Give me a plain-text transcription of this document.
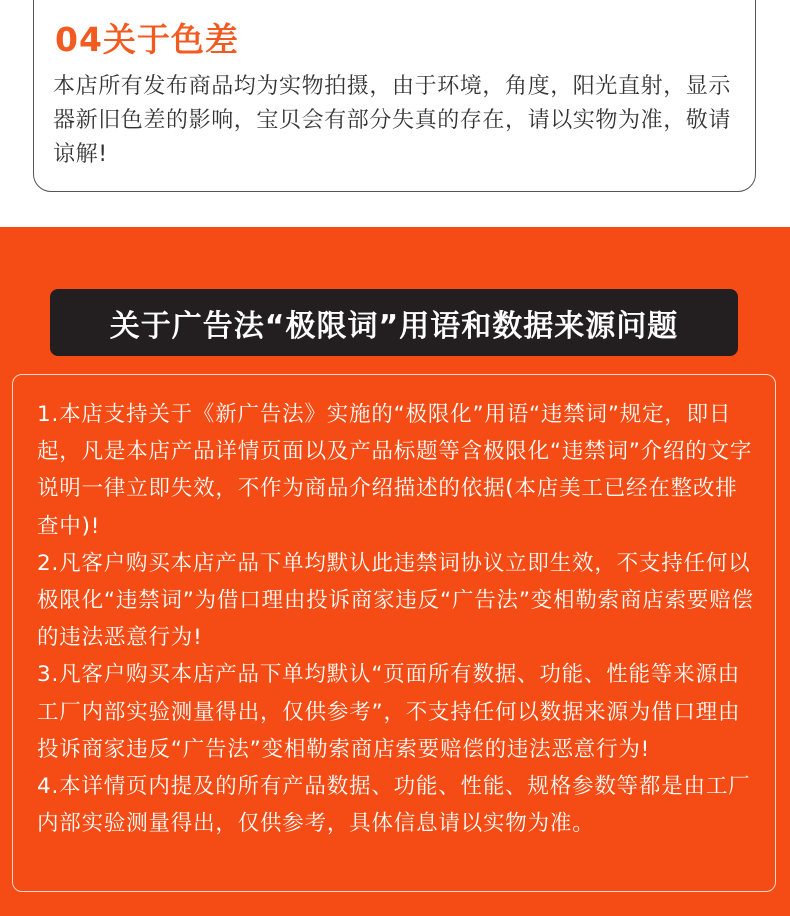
04关于色差
本店所有发布商品均为实物拍摄，由于环境，角度，阳光直射，显示器新旧色差的影响，宝贝会有部分失真的存在，请以实物为准，敬请谅解!
关于广告法“极限词”用语和数据来源问题
1.本店支持关于《新广告法》实施的“极限化”用语“违禁词”规定，即日起，凡是本店产品详情页面以及产品标题等含极限化“违禁词”介绍的文字说明一律立即失效，不作为商品介绍描述的依据(本店美工已经在整改排查中)!
2.凡客户购买本店产品下单均默认此违禁词协议立即生效，不支持任何以极限化“违禁词”为借口理由投诉商家违反“广告法”变相勒索商店索要赔偿的违法恶意行为!
3.凡客户购买本店产品下单均默认“页面所有数据、功能、性能等来源由工厂内部实验测量得出，仅供参考”，不支持任何以数据来源为借口理由投诉商家违反“广告法”变相勒索商店索要赔偿的违法恶意行为!
4.本详情页内提及的所有产品数据、功能、性能、规格参数等都是由工厂内部实验测量得出，仅供参考，具体信息请以实物为准。
